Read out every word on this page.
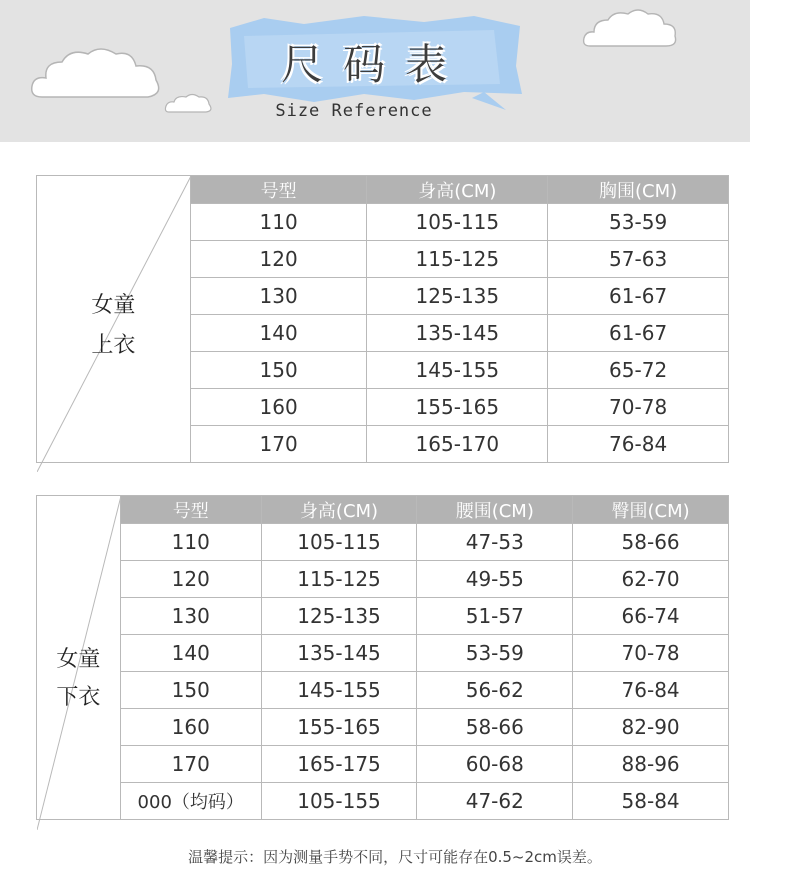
尺码表
Size Reference
女童
上衣	号型	身高(CM)	胸围(CM)
	110	105-115	53-59
	120	115-125	57-63
	130	125-135	61-67
	140	135-145	61-67
	150	145-155	65-72
	160	155-165	70-78
	170	165-170	76-84
女童
下衣	号型	身高(CM)	腰围(CM)	臀围(CM)
	110	105-115	47-53	58-66
	120	115-125	49-55	62-70
	130	125-135	51-57	66-74
	140	135-145	53-59	70-78
	150	145-155	56-62	76-84
	160	155-165	58-66	82-90
	170	165-175	60-68	88-96
	000（均码）	105-155	47-62	58-84
温馨提示：因为测量手势不同，尺寸可能存在0.5~2cm误差。
